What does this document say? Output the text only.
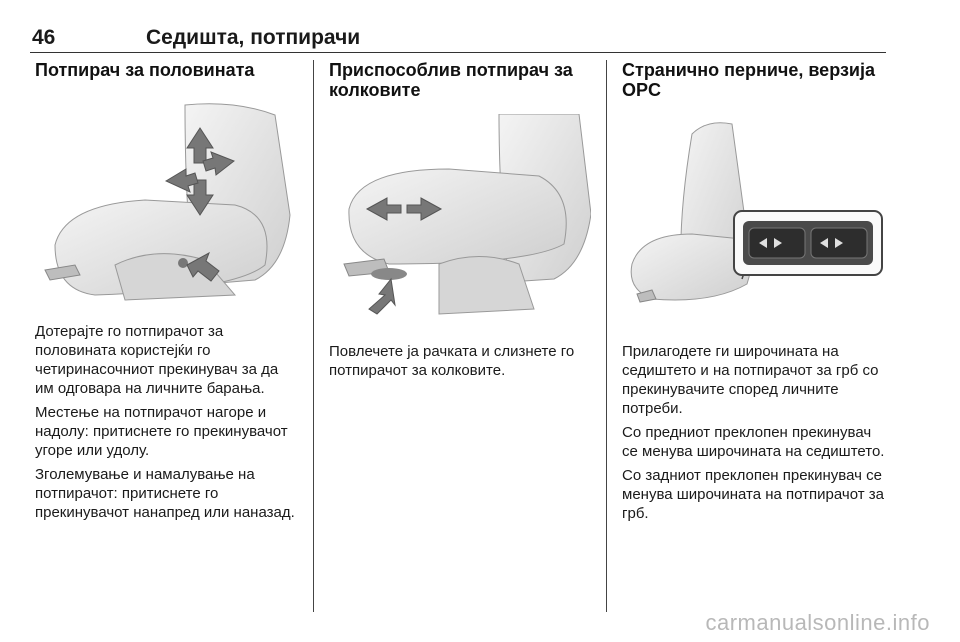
46	Седишта, потпирачи
Потпирач за половината

Дотерајте го потпирачот за половината користејќи го четиринасочниот прекинувач за да им одговара на личните барања.

Местење на потпирачот нагоре и надолу: притиснете го прекинувачот угоре или удолу.

Зголемување и намалување на потпирачот: притиснете го прекинувачот нанапред или наназад.

Приспособлив потпирач за колковите

Повлечете ја рачката и слизнете го потпирачот за колковите.

Странично перниче, верзија OPC

Прилагодете ги широчината на седиштето и на потпирачот за грб со прекинувачите според личните потреби.

Со предниот преклопен прекинувач се менува широчината на седиштето.

Со задниот преклопен прекинувач се менува широчината на потпирачот за грб.

carmanualsonline.info
